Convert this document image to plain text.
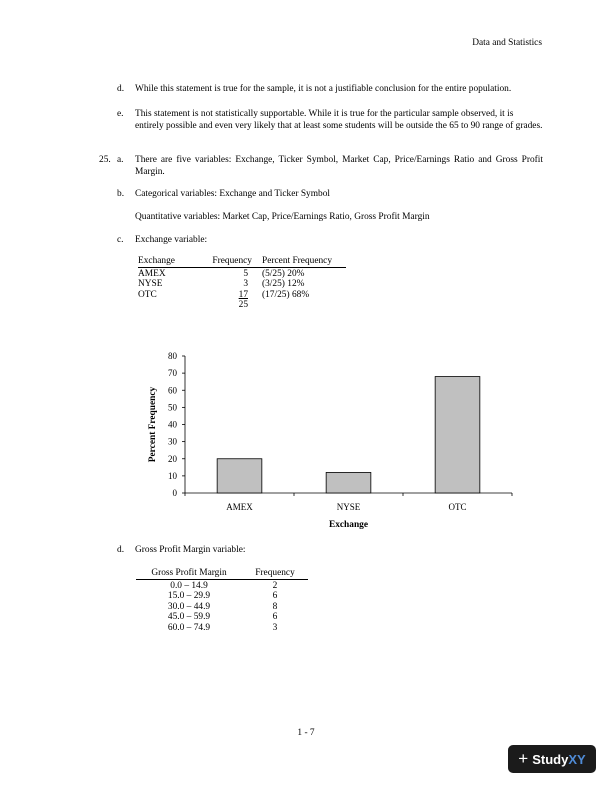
Data and Statistics
d. While this statement is true for the sample, it is not a justifiable conclusion for the entire population.
e. This statement is not statistically supportable. While it is true for the particular sample observed, it is entirely possible and even very likely that at least some students will be outside the 65 to 90 range of grades.
25. a. There are five variables: Exchange, Ticker Symbol, Market Cap, Price/Earnings Ratio and Gross Profit Margin.
b. Categorical variables: Exchange and Ticker Symbol
Quantitative variables: Market Cap, Price/Earnings Ratio, Gross Profit Margin
c. Exchange variable:
Exchange	Frequency	Percent Frequency

AMEX	5	(5/25) 20%
NYSE	3	(3/25) 12%
OTC	17	(17/25) 68%
	25	
0
10
20
30
40
50
60
70
80
AMEX	NYSE	OTC
Percent Frequency
Exchange
d. Gross Profit Margin variable:
Gross Profit Margin	Frequency

0.0 – 14.9	2
15.0 – 29.9	6
30.0 – 44.9	8
45.0 – 59.9	6
60.0 – 74.9	3
1 - 7
+ Study XY
